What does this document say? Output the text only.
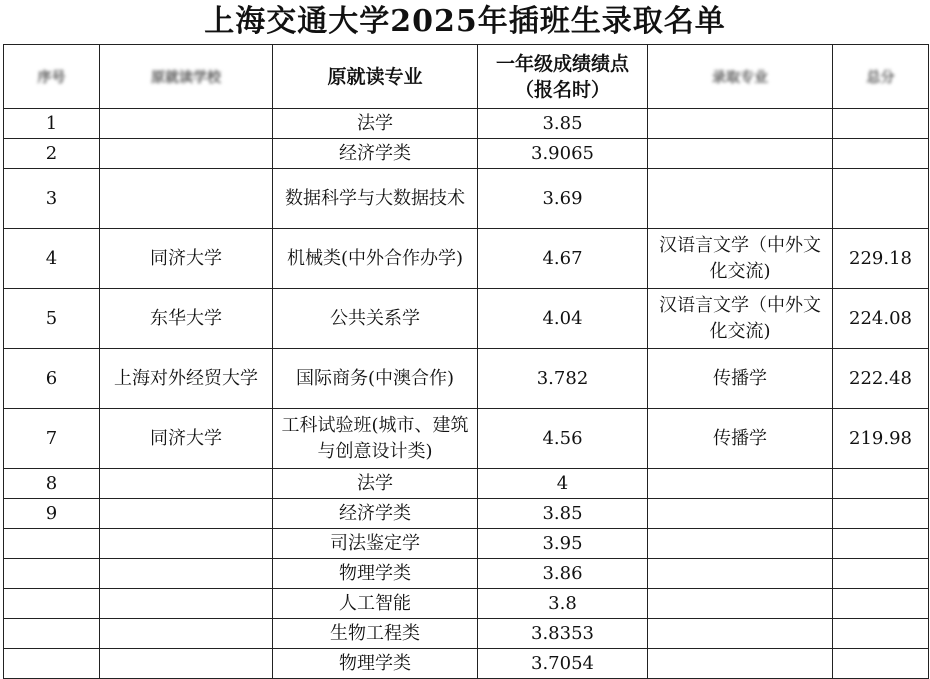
上海交通大学2025年插班生录取名单
序号	原就读学校	原就读专业	一年级成绩绩点（报名时）	录取专业	总分
1		法学	3.85		
2		经济学类	3.9065		
3		数据科学与大数据技术	3.69		
4	同济大学	机械类(中外合作办学)	4.67	汉语言文学（中外文化交流)	229.18
5	东华大学	公共关系学	4.04	汉语言文学（中外文化交流)	224.08
6	上海对外经贸大学	国际商务(中澳合作)	3.782	传播学	222.48
7	同济大学	工科试验班(城市、建筑与创意设计类)	4.56	传播学	219.98
8		法学	4		
9		经济学类	3.85		
		司法鉴定学	3.95		
		物理学类	3.86		
		人工智能	3.8		
		生物工程类	3.8353		
		物理学类	3.7054		
